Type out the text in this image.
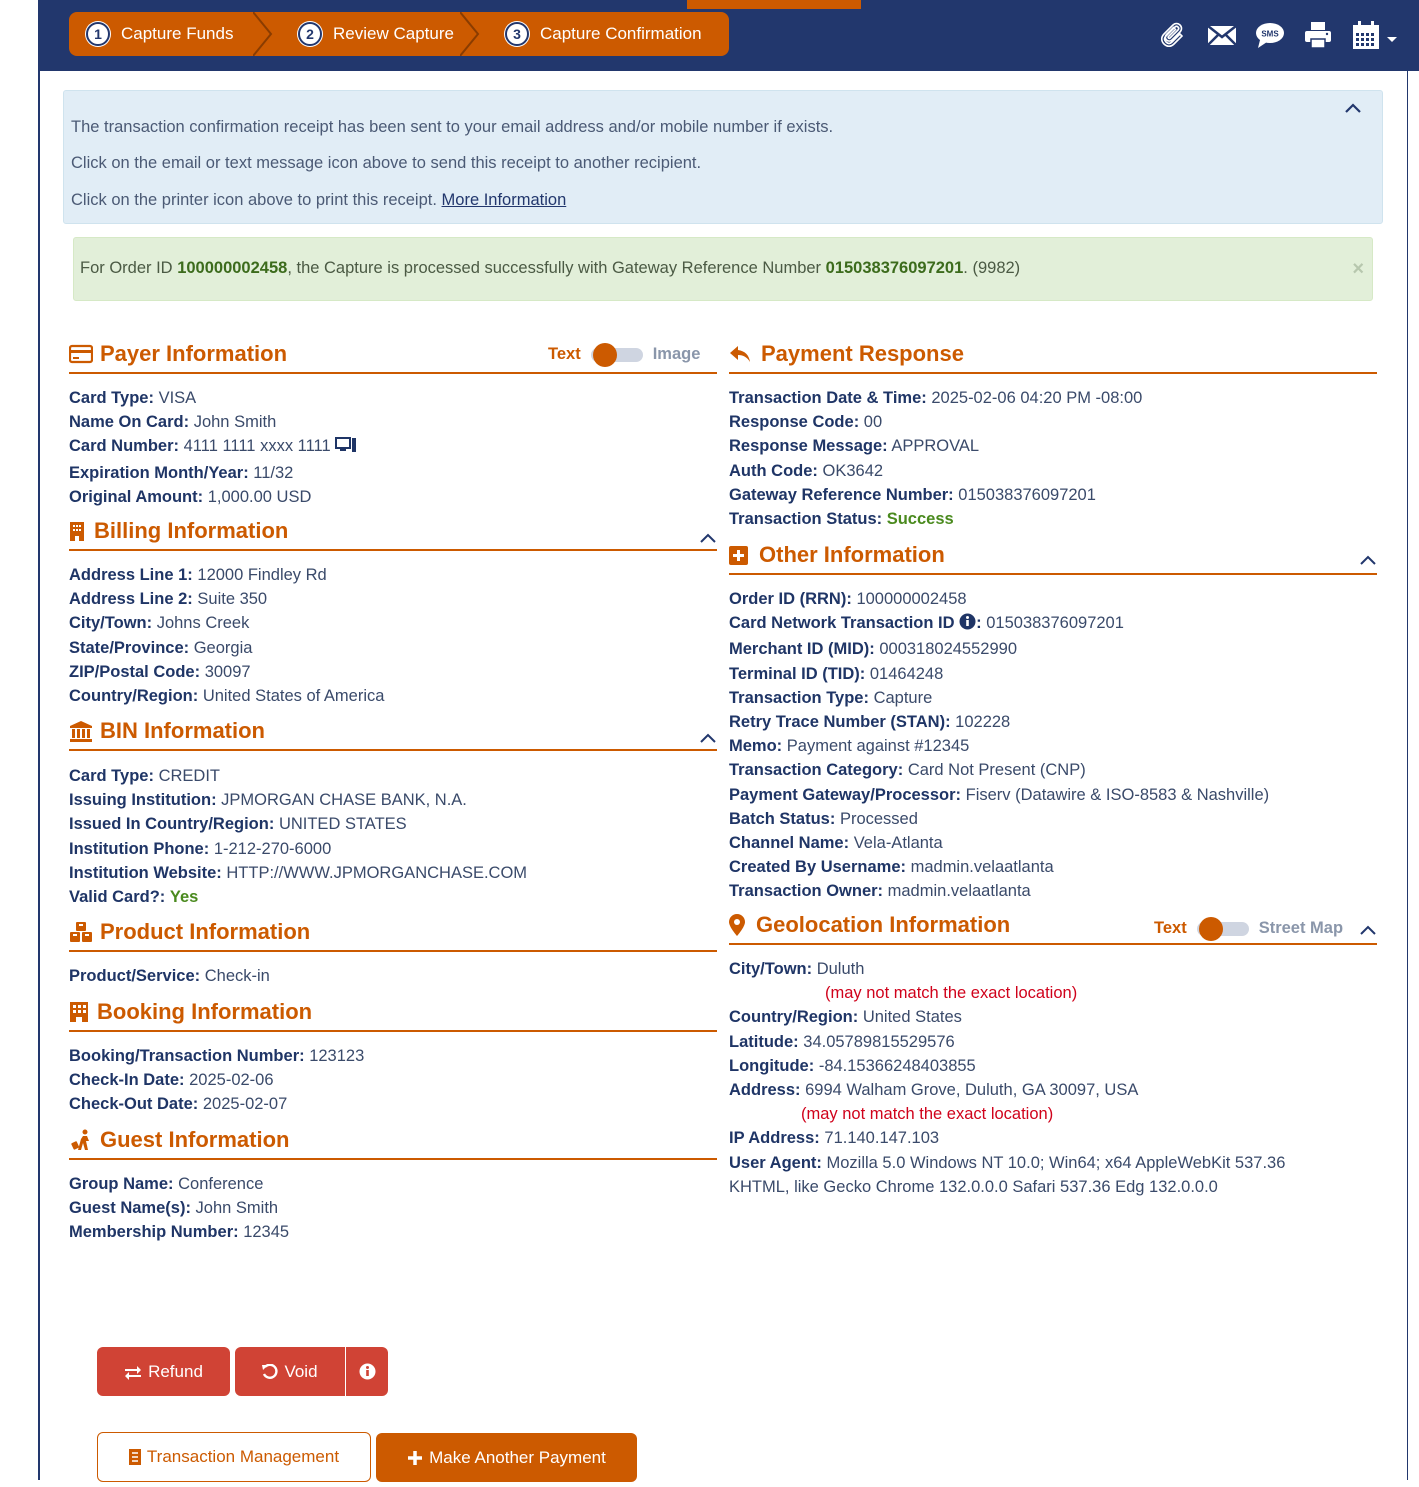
1	Capture Funds	2	Review Capture	3	Capture Confirmation	SMS

The transaction confirmation receipt has been sent to your email address and/or mobile number if exists.

Click on the email or text message icon above to send this receipt to another recipient.

Click on the printer icon above to print this receipt. More Information

For Order ID 100000002458, the Capture is processed successfully with Gateway Reference Number 015038376097201. (9982)	×
Payer Information	Text	Image
Card Type: VISA
Name On Card: John Smith
Card Number: 4111 1111 xxxx 1111
Expiration Month/Year: 11/32
Original Amount: 1,000.00 USD
Billing Information
Address Line 1: 12000 Findley Rd
Address Line 2: Suite 350
City/Town: Johns Creek
State/Province: Georgia
ZIP/Postal Code: 30097
Country/Region: United States of America
BIN Information
Card Type: CREDIT
Issuing Institution: JPMORGAN CHASE BANK, N.A.
Issued In Country/Region: UNITED STATES
Institution Phone: 1-212-270-6000
Institution Website: HTTP://WWW.JPMORGANCHASE.COM
Valid Card?: Yes
Product Information
Product/Service: Check-in
Booking Information
Booking/Transaction Number: 123123
Check-In Date: 2025-02-06
Check-Out Date: 2025-02-07
Guest Information
Group Name: Conference
Guest Name(s): John Smith
Membership Number: 12345
Payment Response
Transaction Date & Time: 2025-02-06 04:20 PM -08:00
Response Code: 00
Response Message: APPROVAL
Auth Code: OK3642
Gateway Reference Number: 015038376097201
Transaction Status: Success
Other Information
Order ID (RRN): 100000002458
Card Network Transaction ID : 015038376097201
Merchant ID (MID): 000318024552990
Terminal ID (TID): 01464248
Transaction Type: Capture
Retry Trace Number (STAN): 102228
Memo: Payment against #12345
Transaction Category: Card Not Present (CNP)
Payment Gateway/Processor: Fiserv (Datawire & ISO-8583 & Nashville)
Batch Status: Processed
Channel Name: Vela-Atlanta
Created By Username: madmin.velaatlanta
Transaction Owner: madmin.velaatlanta
Geolocation Information	Text	Street Map
City/Town: Duluth
(may not match the exact location)
Country/Region: United States
Latitude: 34.05789815529576
Longitude: -84.15366248403855
Address: 6994 Walham Grove, Duluth, GA 30097, USA
(may not match the exact location)
IP Address: 71.140.147.103
User Agent: Mozilla 5.0 Windows NT 10.0; Win64; x64 AppleWebKit 537.36
KHTML, like Gecko Chrome 132.0.0.0 Safari 537.36 Edg 132.0.0.0
Refund	Void
Transaction Management	Make Another Payment
